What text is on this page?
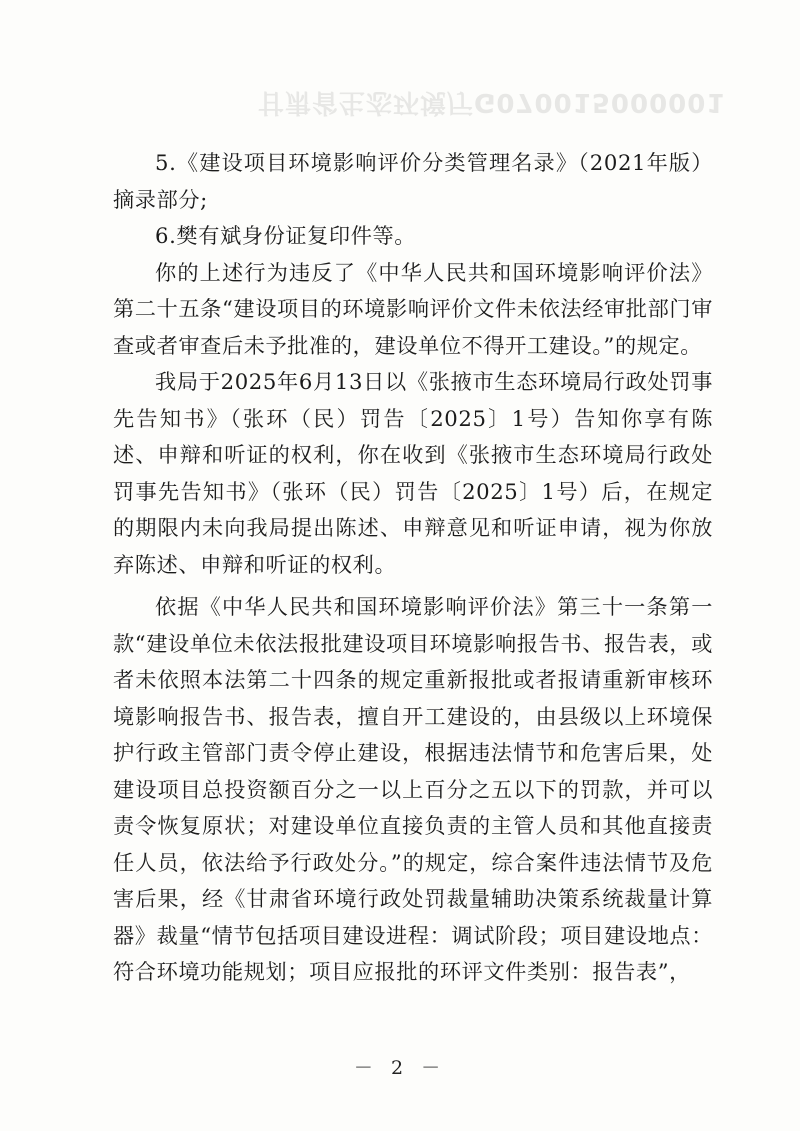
甘肃省生态环境厅G070015000001

5.《建设项目环境影响评价分类管理名录》（2021年版）摘录部分;

6.樊有斌身份证复印件等。

你的上述行为违反了《中华人民共和国环境影响评价法》第二十五条“建设项目的环境影响评价文件未依法经审批部门审查或者审查后未予批准的，建设单位不得开工建设。”的规定。

我局于2025年6月13日以《张掖市生态环境局行政处罚事先告知书》（张环（民）罚告〔2025〕1号）告知你享有陈述、申辩和听证的权利，你在收到《张掖市生态环境局行政处罚事先告知书》（张环（民）罚告〔2025〕1号）后，在规定的期限内未向我局提出陈述、申辩意见和听证申请，视为你放弃陈述、申辩和听证的权利。

依据《中华人民共和国环境影响评价法》第三十一条第一款“建设单位未依法报批建设项目环境影响报告书、报告表，或者未依照本法第二十四条的规定重新报批或者报请重新审核环境影响报告书、报告表，擅自开工建设的，由县级以上环境保护行政主管部门责令停止建设，根据违法情节和危害后果，处建设项目总投资额百分之一以上百分之五以下的罚款，并可以责令恢复原状；对建设单位直接负责的主管人员和其他直接责任人员，依法给予行政处分。”的规定，综合案件违法情节及危害后果，经《甘肃省环境行政处罚裁量辅助决策系统裁量计算器》裁量“情节包括项目建设进程：调试阶段；项目建设地点：符合环境功能规划；项目应报批的环评文件类别：报告表”，

－ 2 －
